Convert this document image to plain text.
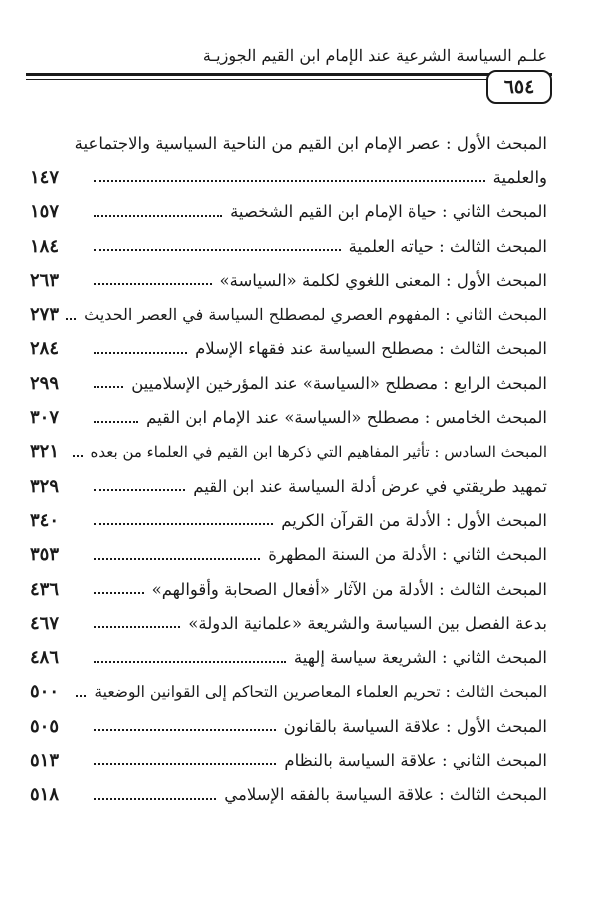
علـم السياسة الشرعية عند الإمام ابن القيم الجوزيـة
٦٥٤
المبحث الأول : عصر الإمام ابن القيم من الناحية السياسية والاجتماعية
والعلمية
١٤٧
المبحث الثاني : حياة الإمام ابن القيم الشخصية
١٥٧
المبحث الثالث : حياته العلمية
١٨٤
المبحث الأول : المعنى اللغوي لكلمة «السياسة»
٢٦٣
المبحث الثاني : المفهوم العصري لمصطلح السياسة في العصر الحديث
٢٧٣
المبحث الثالث : مصطلح السياسة عند فقهاء الإسلام
٢٨٤
المبحث الرابع : مصطلح «السياسة» عند المؤرخين الإسلاميين
٢٩٩
المبحث الخامس : مصطلح «السياسة» عند الإمام ابن القيم
٣٠٧
المبحث السادس : تأثير المفاهيم التي ذكرها ابن القيم في العلماء من بعده
٣٢١
تمهيد طريقتي في عرض أدلة السياسة عند ابن القيم
٣٢٩
المبحث الأول : الأدلة من القرآن الكريم
٣٤٠
المبحث الثاني : الأدلة من السنة المطهرة
٣٥٣
المبحث الثالث : الأدلة من الآثار «أفعال الصحابة وأقوالهم»
٤٣٦
بدعة الفصل بين السياسة والشريعة «علمانية الدولة»
٤٦٧
المبحث الثاني : الشريعة سياسة إلهية
٤٨٦
المبحث الثالث : تحريم العلماء المعاصرين التحاكم إلى القوانين الوضعية
٥٠٠
المبحث الأول : علاقة السياسة بالقانون
٥٠٥
المبحث الثاني : علاقة السياسة بالنظام
٥١٣
المبحث الثالث : علاقة السياسة بالفقه الإسلامي
٥١٨
